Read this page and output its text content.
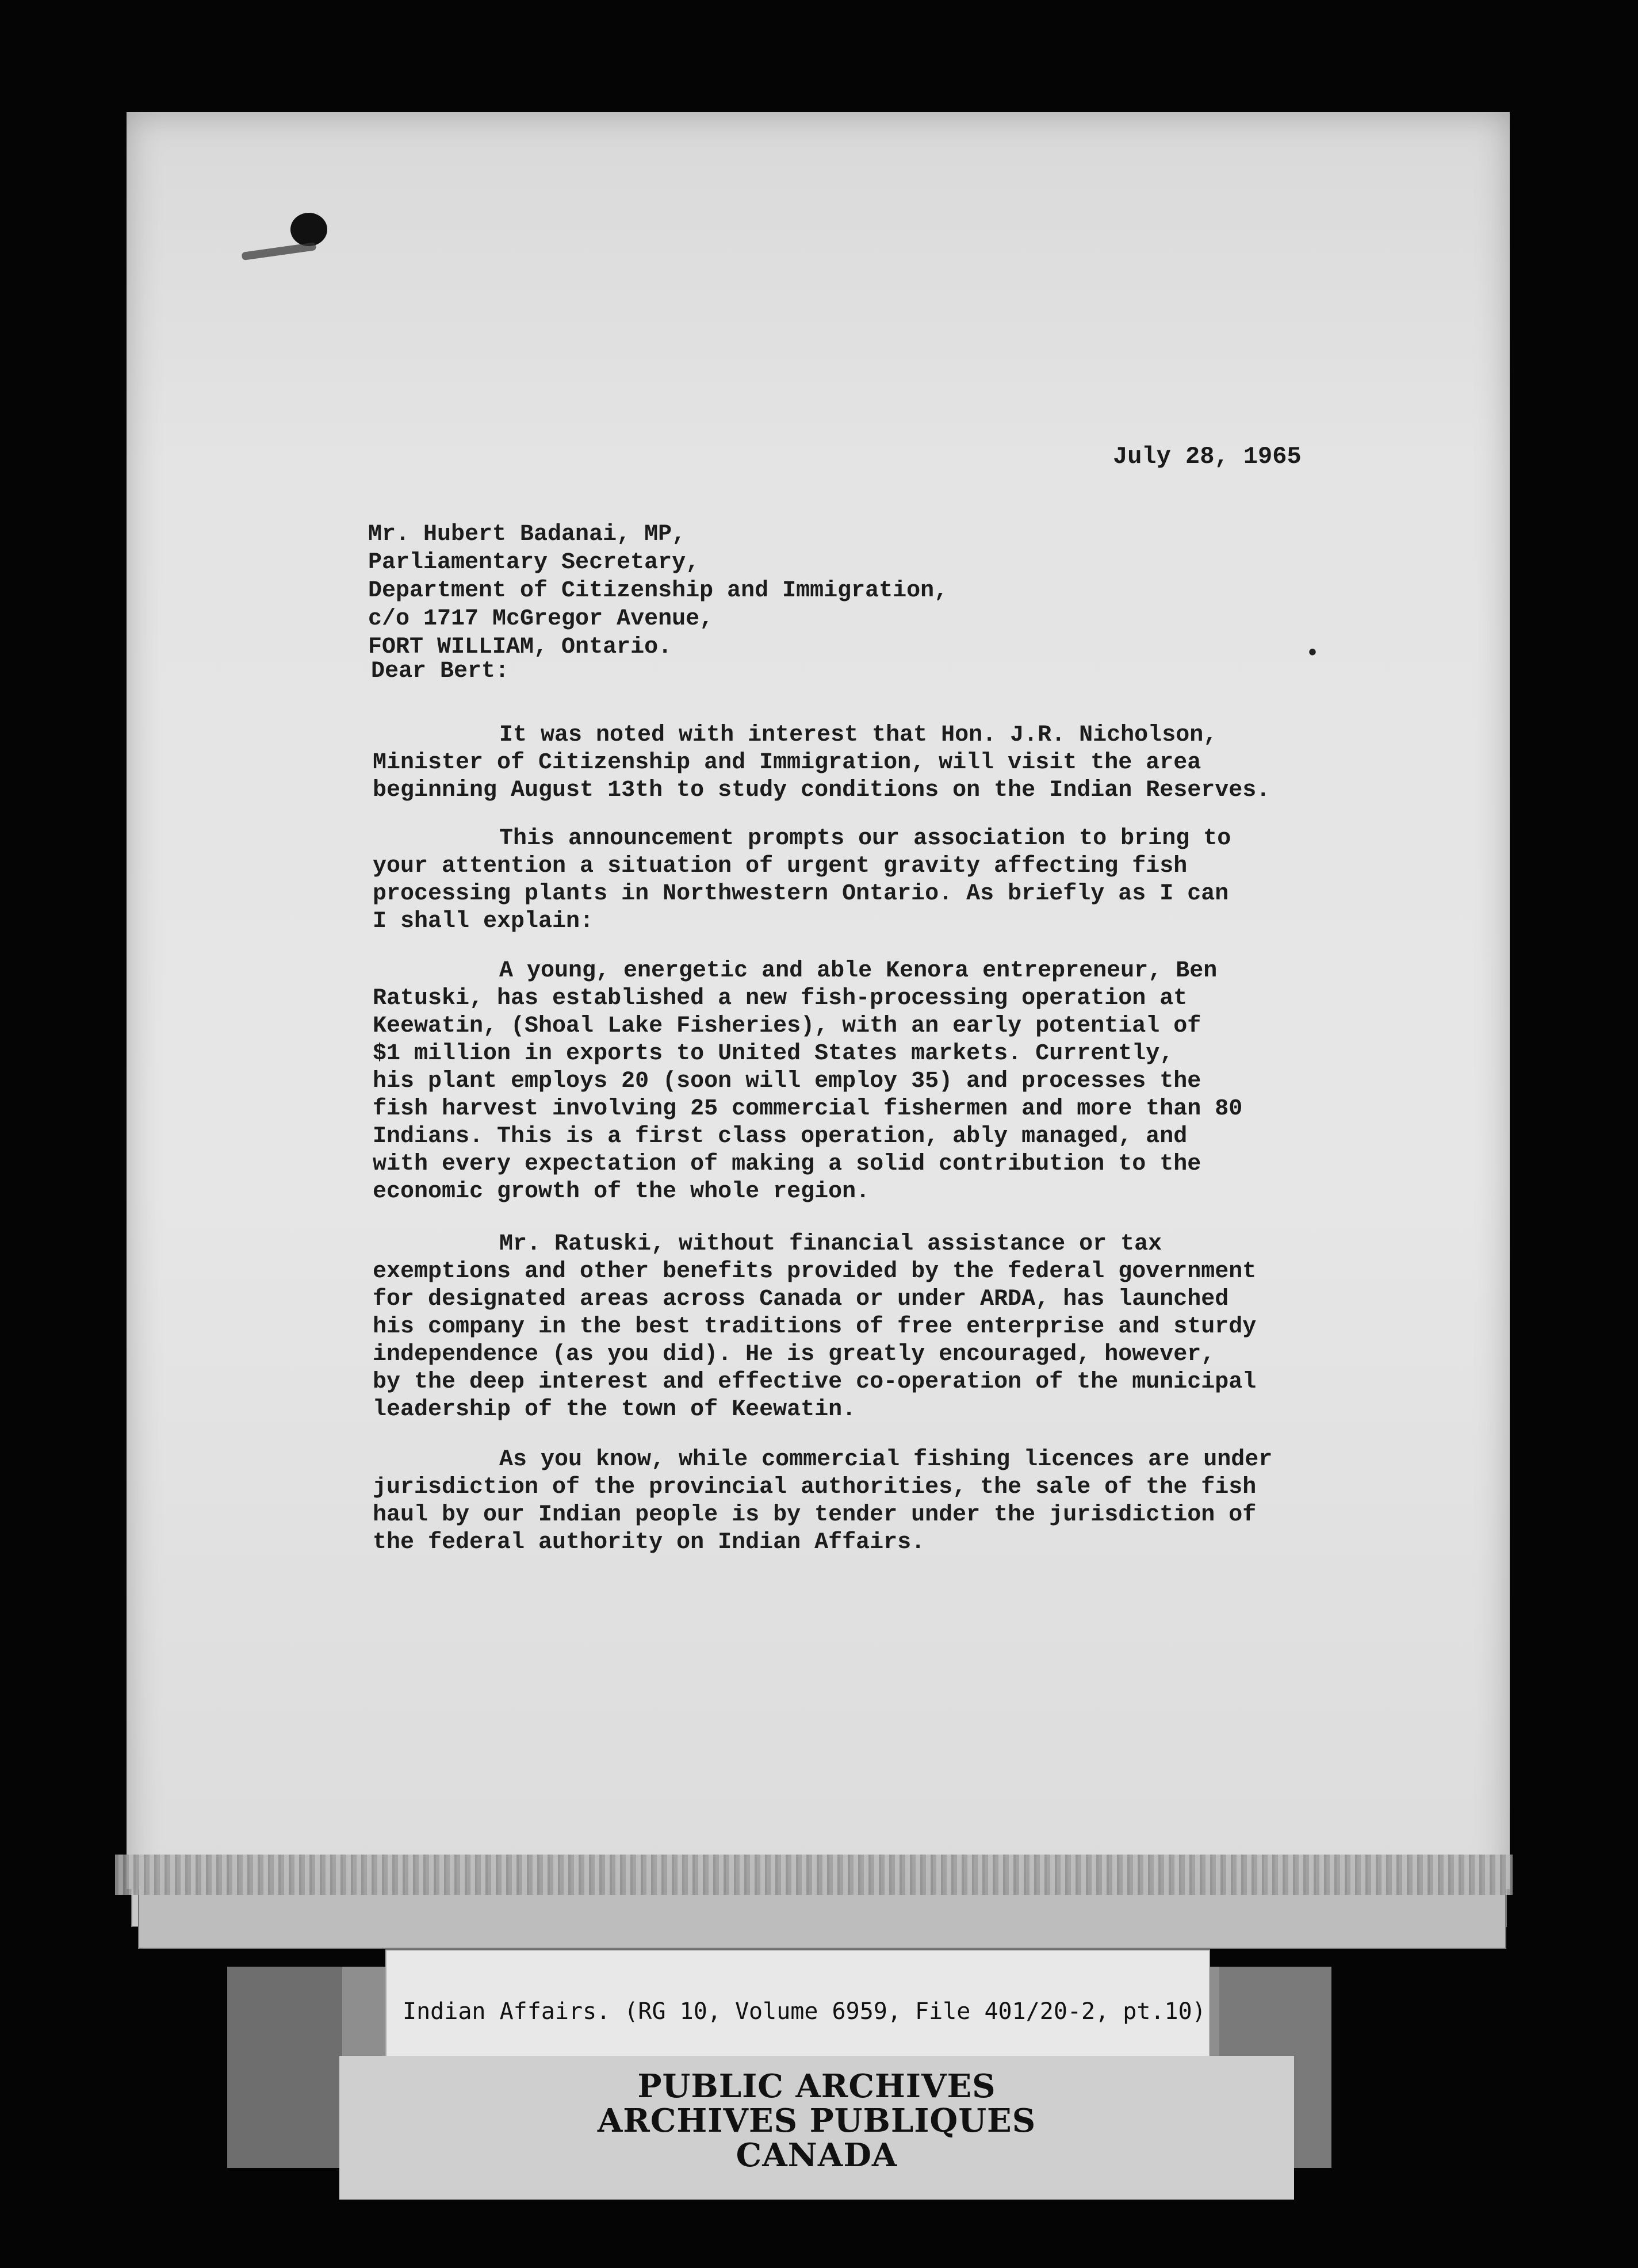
•
July 28, 1965
Mr. Hubert Badanai, MP,
Parliamentary Secretary,
Department of Citizenship and Immigration,
c/o 1717 McGregor Avenue,
FORT WILLIAM, Ontario.
Dear Bert:
It was noted with interest that Hon. J.R. Nicholson,
Minister of Citizenship and Immigration, will visit the area
beginning August 13th to study conditions on the Indian Reserves.
This announcement prompts our association to bring to
your attention a situation of urgent gravity affecting fish
processing plants in Northwestern Ontario. As briefly as I can
I shall explain:
A young, energetic and able Kenora entrepreneur, Ben
Ratuski, has established a new fish-processing operation at
Keewatin, (Shoal Lake Fisheries), with an early potential of
$1 million in exports to United States markets. Currently,
his plant employs 20 (soon will employ 35) and processes the
fish harvest involving 25 commercial fishermen and more than 80
Indians. This is a first class operation, ably managed, and
with every expectation of making a solid contribution to the
economic growth of the whole region.
Mr. Ratuski, without financial assistance or tax
exemptions and other benefits provided by the federal government
for designated areas across Canada or under ARDA, has launched
his company in the best traditions of free enterprise and sturdy
independence (as you did). He is greatly encouraged, however,
by the deep interest and effective co-operation of the municipal
leadership of the town of Keewatin.
As you know, while commercial fishing licences are under
jurisdiction of the provincial authorities, the sale of the fish
haul by our Indian people is by tender under the jurisdiction of
the federal authority on Indian Affairs.
Indian Affairs. (RG 10, Volume 6959, File 401/20-2, pt.10)
PUBLIC ARCHIVES
ARCHIVES PUBLIQUES
CANADA
